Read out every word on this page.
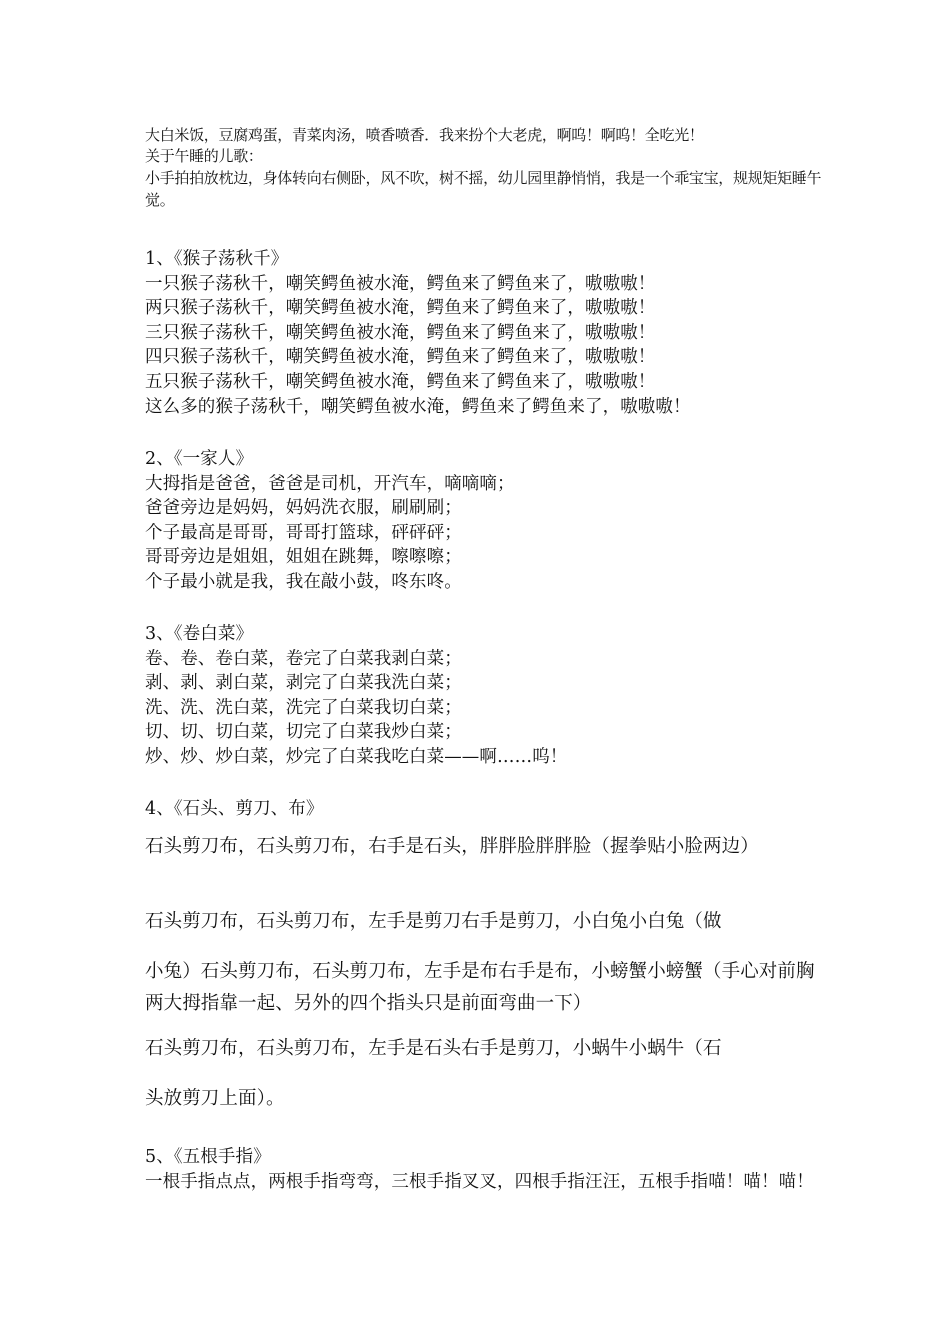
大白米饭，豆腐鸡蛋，青菜肉汤，喷香喷香．我来扮个大老虎，啊呜！啊呜！全吃光！

关于午睡的儿歌：

小手拍拍放枕边，身体转向右侧卧，风不吹，树不摇，幼儿园里静悄悄，我是一个乖宝宝，规规矩矩睡午觉。

1、《猴子荡秋千》

一只猴子荡秋千，嘲笑鳄鱼被水淹，鳄鱼来了鳄鱼来了，嗷嗷嗷！

两只猴子荡秋千，嘲笑鳄鱼被水淹，鳄鱼来了鳄鱼来了，嗷嗷嗷！

三只猴子荡秋千，嘲笑鳄鱼被水淹，鳄鱼来了鳄鱼来了，嗷嗷嗷！

四只猴子荡秋千，嘲笑鳄鱼被水淹，鳄鱼来了鳄鱼来了，嗷嗷嗷！

五只猴子荡秋千，嘲笑鳄鱼被水淹，鳄鱼来了鳄鱼来了，嗷嗷嗷！

这么多的猴子荡秋千，嘲笑鳄鱼被水淹，鳄鱼来了鳄鱼来了，嗷嗷嗷！

2、《一家人》

大拇指是爸爸，爸爸是司机，开汽车，嘀嘀嘀；

爸爸旁边是妈妈，妈妈洗衣服，刷刷刷；

个子最高是哥哥，哥哥打篮球，砰砰砰；

哥哥旁边是姐姐，姐姐在跳舞，嚓嚓嚓；

个子最小就是我，我在敲小鼓，咚东咚。

3、《卷白菜》

卷、卷、卷白菜，卷完了白菜我剥白菜；

剥、剥、剥白菜，剥完了白菜我洗白菜；

洗、洗、洗白菜，洗完了白菜我切白菜；

切、切、切白菜，切完了白菜我炒白菜；

炒、炒、炒白菜，炒完了白菜我吃白菜——啊……呜！

4、《石头、剪刀、布》

石头剪刀布，石头剪刀布，右手是石头，胖胖脸胖胖脸（握拳贴小脸两边）

石头剪刀布，石头剪刀布，左手是剪刀右手是剪刀，小白兔小白兔（做

小兔）石头剪刀布，石头剪刀布，左手是布右手是布，小螃蟹小螃蟹（手心对前胸两大拇指靠一起、另外的四个指头只是前面弯曲一下）

石头剪刀布，石头剪刀布，左手是石头右手是剪刀，小蜗牛小蜗牛（石

头放剪刀上面）。

5、《五根手指》

一根手指点点，两根手指弯弯，三根手指叉叉，四根手指汪汪，五根手指喵！喵！喵！
